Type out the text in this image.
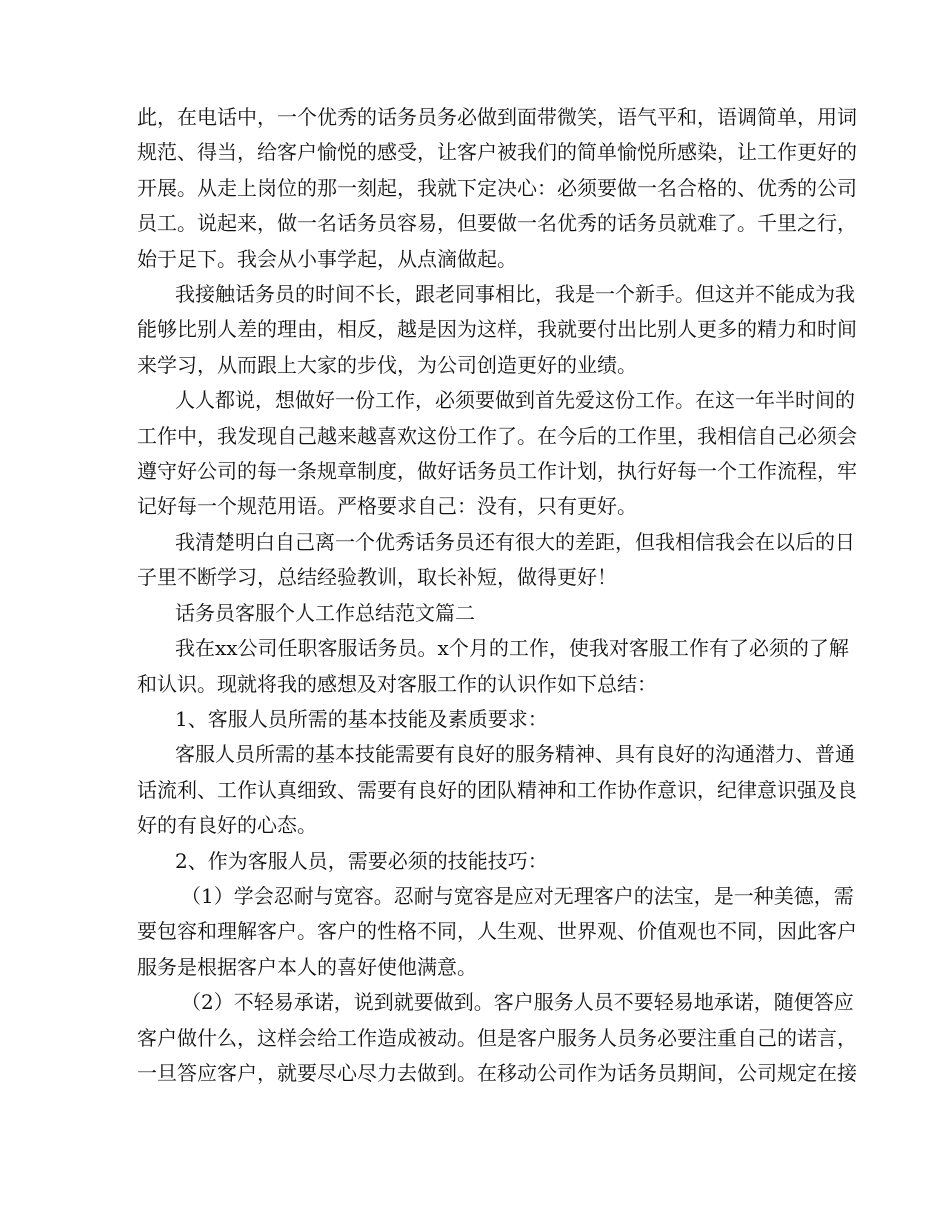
此，在电话中，一个优秀的话务员务必做到面带微笑，语气平和，语调简单，用词
规范、得当，给客户愉悦的感受，让客户被我们的简单愉悦所感染，让工作更好的
开展。从走上岗位的那一刻起，我就下定决心：必须要做一名合格的、优秀的公司
员工。说起来，做一名话务员容易，但要做一名优秀的话务员就难了。千里之行，
始于足下。我会从小事学起，从点滴做起。
我接触话务员的时间不长，跟老同事相比，我是一个新手。但这并不能成为我
能够比别人差的理由，相反，越是因为这样，我就要付出比别人更多的精力和时间
来学习，从而跟上大家的步伐，为公司创造更好的业绩。
人人都说，想做好一份工作，必须要做到首先爱这份工作。在这一年半时间的
工作中，我发现自己越来越喜欢这份工作了。在今后的工作里，我相信自己必须会
遵守好公司的每一条规章制度，做好话务员工作计划，执行好每一个工作流程，牢
记好每一个规范用语。严格要求自己：没有，只有更好。
我清楚明白自己离一个优秀话务员还有很大的差距，但我相信我会在以后的日
子里不断学习，总结经验教训，取长补短，做得更好！
话务员客服个人工作总结范文篇二
我在xx公司任职客服话务员。x个月的工作，使我对客服工作有了必须的了解
和认识。现就将我的感想及对客服工作的认识作如下总结：
1、客服人员所需的基本技能及素质要求：
客服人员所需的基本技能需要有良好的服务精神、具有良好的沟通潜力、普通
话流利、工作认真细致、需要有良好的团队精神和工作协作意识，纪律意识强及良
好的有良好的心态。
2、作为客服人员，需要必须的技能技巧：
（1）学会忍耐与宽容。忍耐与宽容是应对无理客户的法宝，是一种美德，需
要包容和理解客户。客户的性格不同，人生观、世界观、价值观也不同，因此客户
服务是根据客户本人的喜好使他满意。
（2）不轻易承诺，说到就要做到。客户服务人员不要轻易地承诺，随便答应
客户做什么，这样会给工作造成被动。但是客户服务人员务必要注重自己的诺言，
一旦答应客户，就要尽心尽力去做到。在移动公司作为话务员期间，公司规定在接
